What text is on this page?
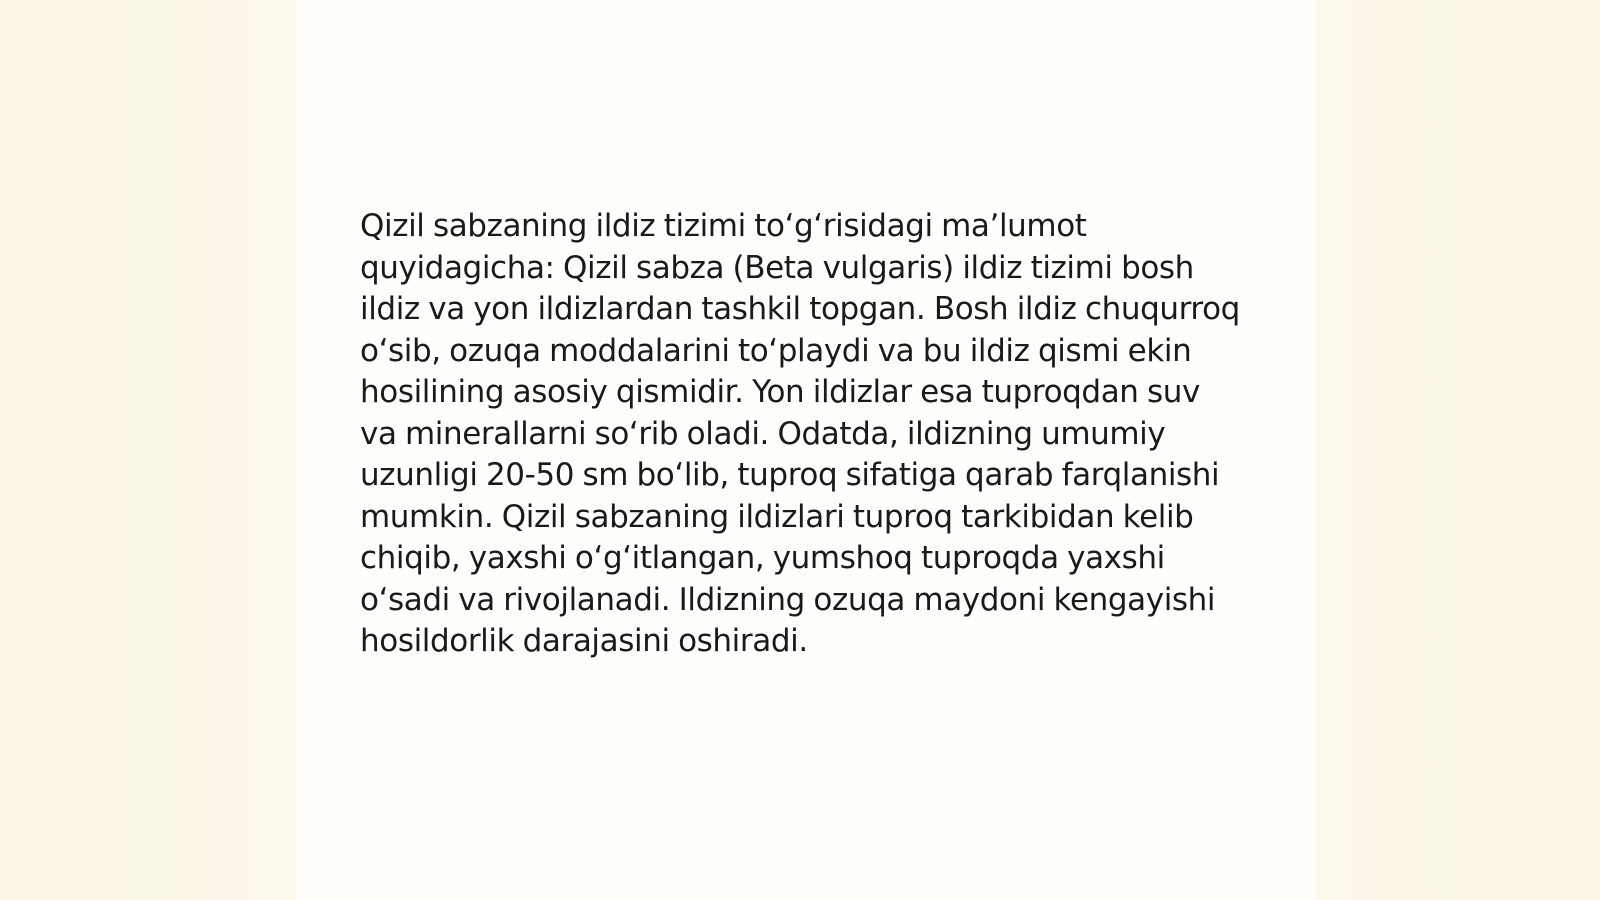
Qizil sabzaning ildiz tizimi to‘g‘risidagi ma’lumot quyidagicha: Qizil sabza (Beta vulgaris) ildiz tizimi bosh ildiz va yon ildizlardan tashkil topgan. Bosh ildiz chuqurroq o‘sib, ozuqa moddalarini to‘playdi va bu ildiz qismi ekin hosilining asosiy qismidir. Yon ildizlar esa tuproqdan suv va minerallarni so‘rib oladi. Odatda, ildizning umumiy uzunligi 20-50 sm bo‘lib, tuproq sifatiga qarab farqlanishi mumkin. Qizil sabzaning ildizlari tuproq tarkibidan kelib chiqib, yaxshi o‘g‘itlangan, yumshoq tuproqda yaxshi o‘sadi va rivojlanadi. Ildizning ozuqa maydoni kengayishi hosildorlik darajasini oshiradi.
